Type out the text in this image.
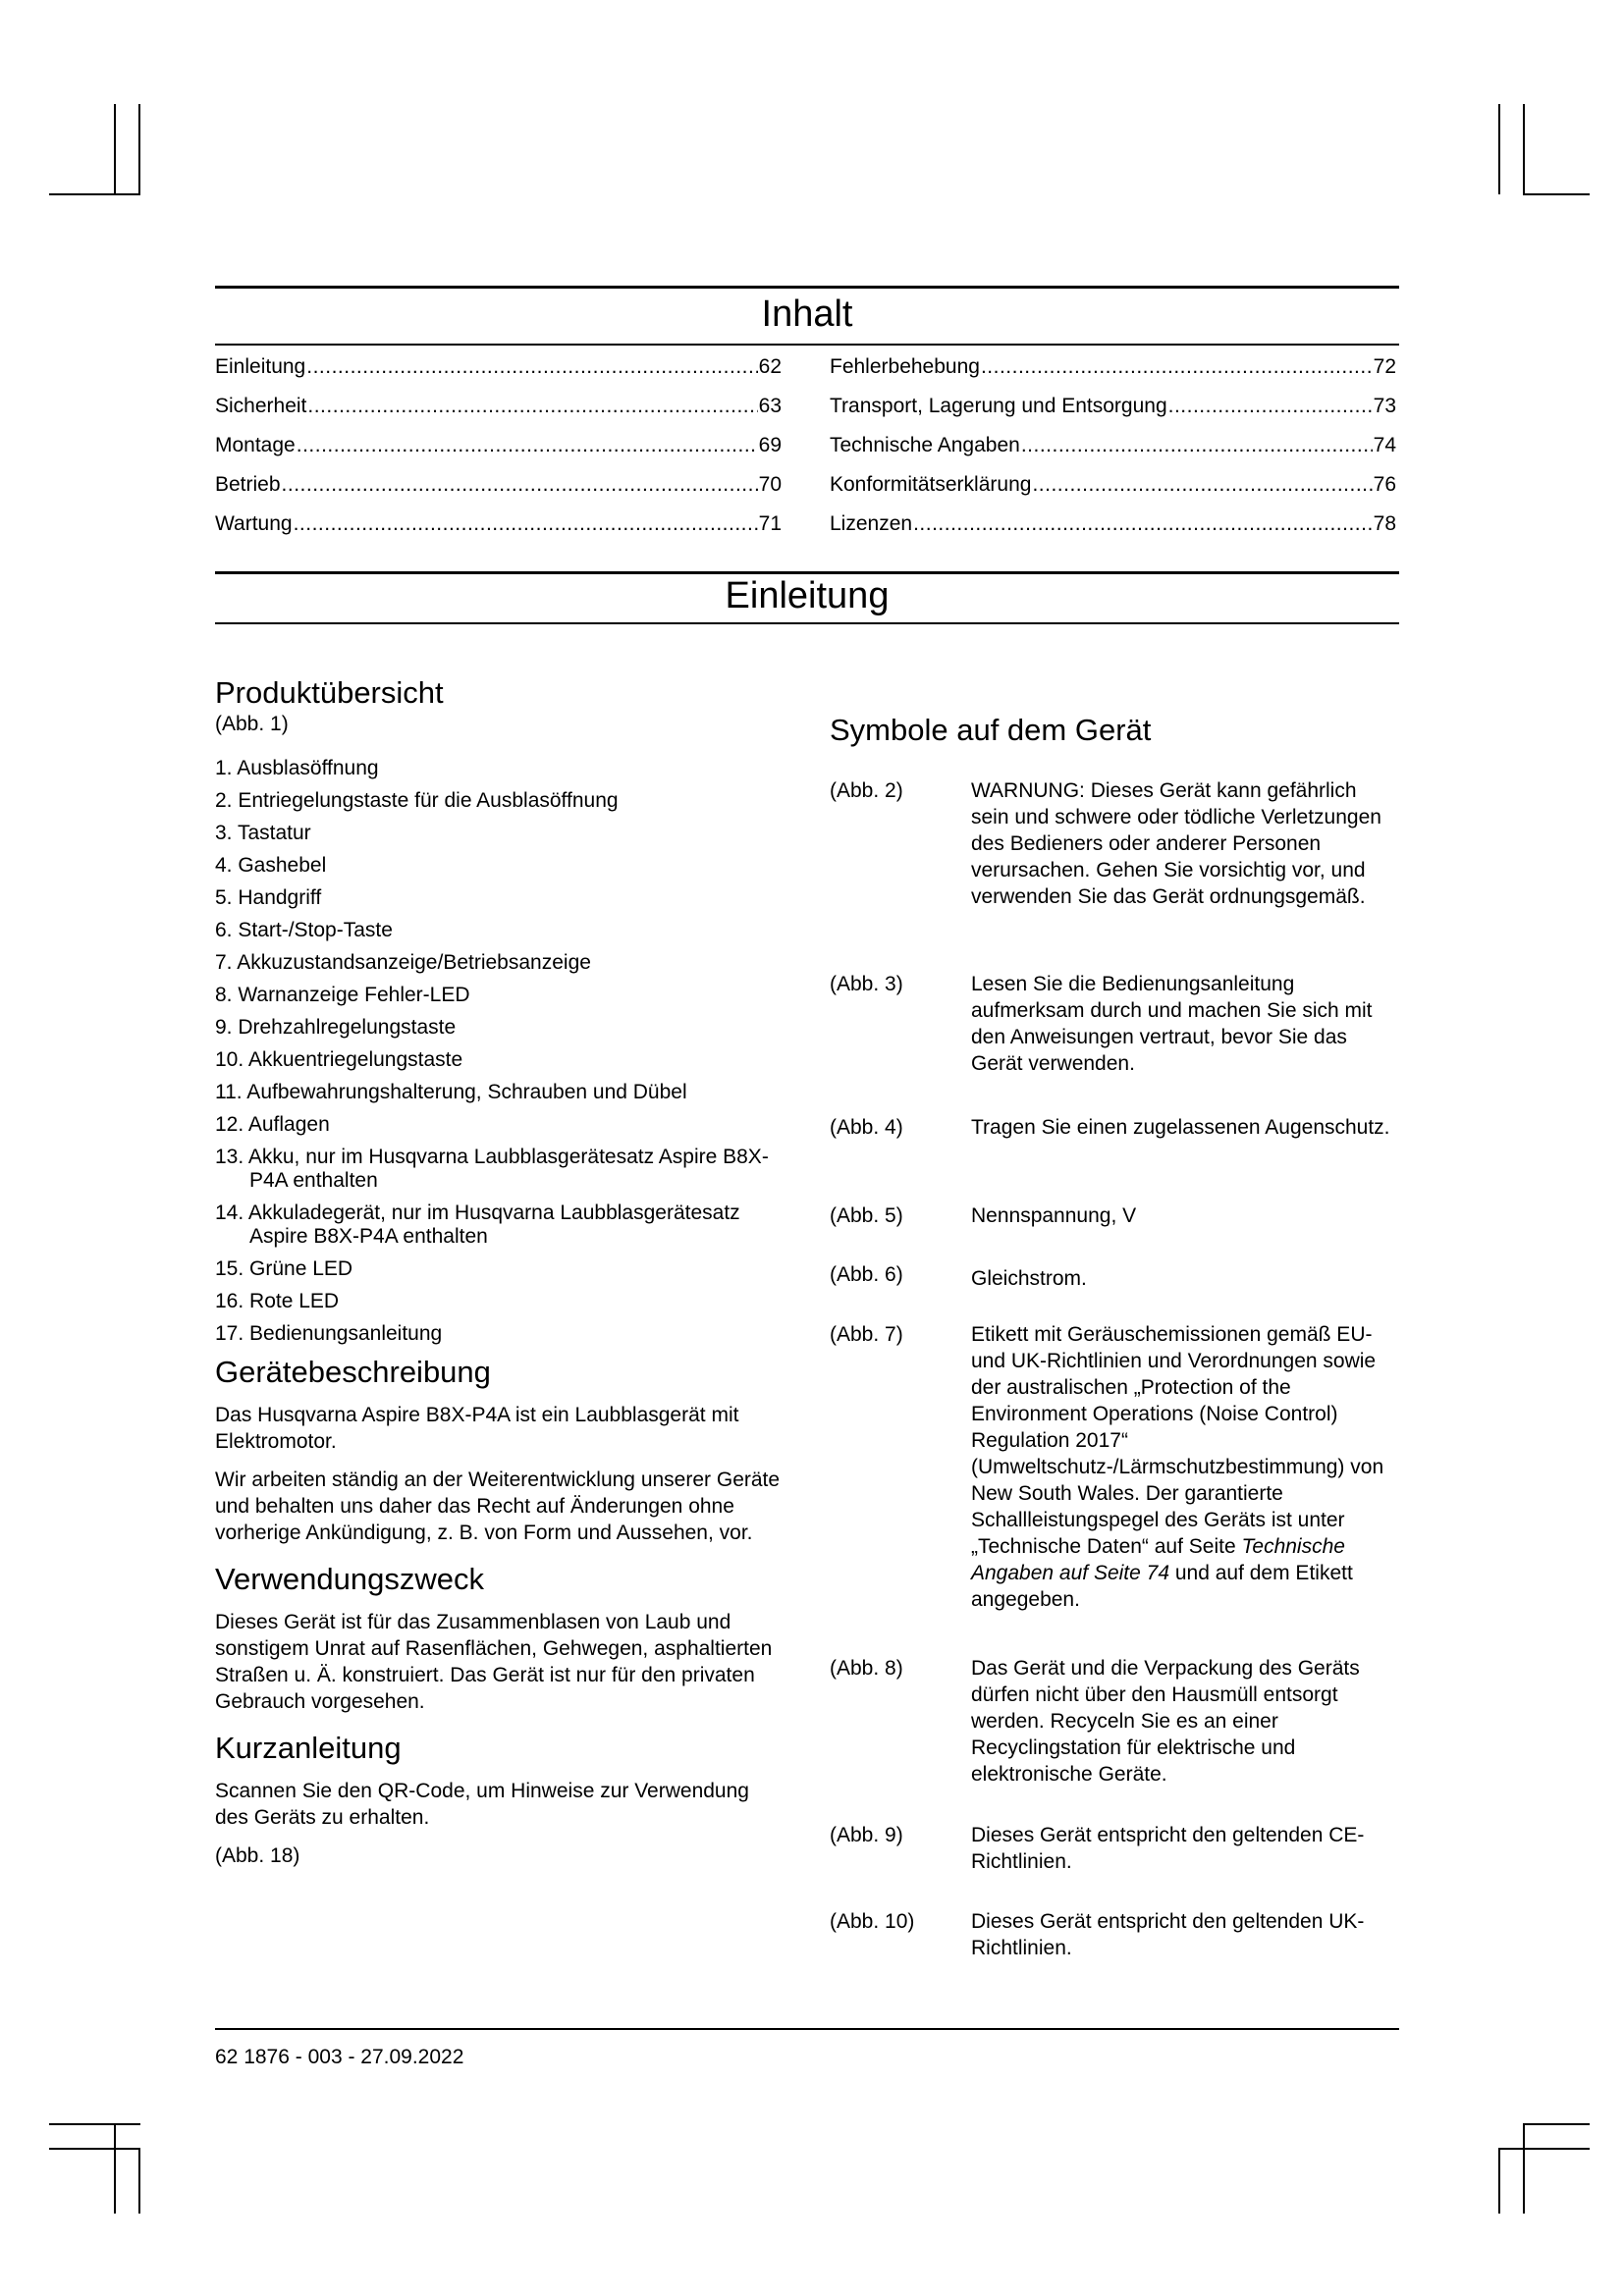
Inhalt
Einleitung .....	62
Sicherheit .....	63
Montage .....	69
Betrieb .....	70
Wartung .....	71
Fehlerbehebung .....	72
Transport, Lagerung und Entsorgung .....	73
Technische Angaben .....	74
Konformitätserklärung .....	76
Lizenzen .....	78
Einleitung
Produktübersicht
(Abb. 1)
1. Ausblasöffnung
2. Entriegelungstaste für die Ausblasöffnung
3. Tastatur
4. Gashebel
5. Handgriff
6. Start-/Stop-Taste
7. Akkuzustandsanzeige/Betriebsanzeige
8. Warnanzeige Fehler-LED
9. Drehzahlregelungstaste
10. Akkuentriegelungstaste
11. Aufbewahrungshalterung, Schrauben und Dübel
12. Auflagen
13. Akku, nur im Husqvarna Laubblasgerätesatz Aspire B8X-P4A enthalten
14. Akkuladegerät, nur im Husqvarna Laubblasgerätesatz Aspire B8X-P4A enthalten
15. Grüne LED
16. Rote LED
17. Bedienungsanleitung
Gerätebeschreibung

Das Husqvarna Aspire B8X-P4A ist ein Laubblasgerät mit Elektromotor.

Wir arbeiten ständig an der Weiterentwicklung unserer Geräte und behalten uns daher das Recht auf Änderungen ohne vorherige Ankündigung, z. B. von Form und Aussehen, vor.

Verwendungszweck

Dieses Gerät ist für das Zusammenblasen von Laub und sonstigem Unrat auf Rasenflächen, Gehwegen, asphaltierten Straßen u. Ä. konstruiert. Das Gerät ist nur für den privaten Gebrauch vorgesehen.

Kurzanleitung

Scannen Sie den QR-Code, um Hinweise zur Verwendung des Geräts zu erhalten.

(Abb. 18)

Symbole auf dem Gerät
(Abb. 2)	WARNUNG: Dieses Gerät kann gefährlich sein und schwere oder tödliche Verletzungen des Bedieners oder anderer Personen verursachen. Gehen Sie vorsichtig vor, und verwenden Sie das Gerät ordnungsgemäß.
(Abb. 3)	Lesen Sie die Bedienungsanleitung aufmerksam durch und machen Sie sich mit den Anweisungen vertraut, bevor Sie das Gerät verwenden.
(Abb. 4)	Tragen Sie einen zugelassenen Augenschutz.
(Abb. 5)	Nennspannung, V
(Abb. 6)	Gleichstrom.
(Abb. 7)	Etikett mit Geräuschemissionen gemäß EU- und UK-Richtlinien und Verordnungen sowie der australischen „Protection of the Environment Operations (Noise Control) Regulation 2017“ (Umweltschutz-/Lärmschutzbestimmung) von New South Wales. Der garantierte Schallleistungspegel des Geräts ist unter „Technische Daten“ auf Seite Technische Angaben auf Seite 74 und auf dem Etikett angegeben.
(Abb. 8)	Das Gerät und die Verpackung des Geräts dürfen nicht über den Hausmüll entsorgt werden. Recyceln Sie es an einer Recyclingstation für elektrische und elektronische Geräte.
(Abb. 9)	Dieses Gerät entspricht den geltenden CE-Richtlinien.
(Abb. 10)	Dieses Gerät entspricht den geltenden UK-Richtlinien.
62 1876 - 003 - 27.09.2022
